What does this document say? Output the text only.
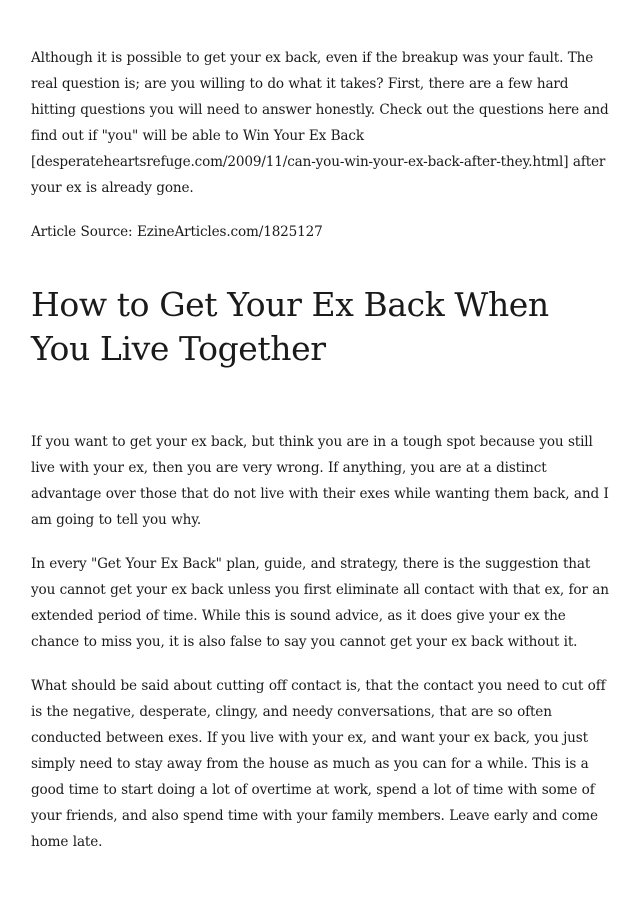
Although it is possible to get your ex back, even if the breakup was your fault. The real question is; are you willing to do what it takes? First, there are a few hard hitting questions you will need to answer honestly. Check out the questions here and find out if "you" will be able to Win Your Ex Back [desperateheartsrefuge.com/2009/11/can-you-win-your-ex-back-after-they.html] after your ex is already gone.

Article Source: EzineArticles.com/1825127

How to Get Your Ex Back When You Live Together

If you want to get your ex back, but think you are in a tough spot because you still live with your ex, then you are very wrong. If anything, you are at a distinct advantage over those that do not live with their exes while wanting them back, and I am going to tell you why.

In every "Get Your Ex Back" plan, guide, and strategy, there is the suggestion that you cannot get your ex back unless you first eliminate all contact with that ex, for an extended period of time. While this is sound advice, as it does give your ex the chance to miss you, it is also false to say you cannot get your ex back without it.

What should be said about cutting off contact is, that the contact you need to cut off is the negative, desperate, clingy, and needy conversations, that are so often conducted between exes. If you live with your ex, and want your ex back, you just simply need to stay away from the house as much as you can for a while. This is a good time to start doing a lot of overtime at work, spend a lot of time with some of your friends, and also spend time with your family members. Leave early and come home late.
